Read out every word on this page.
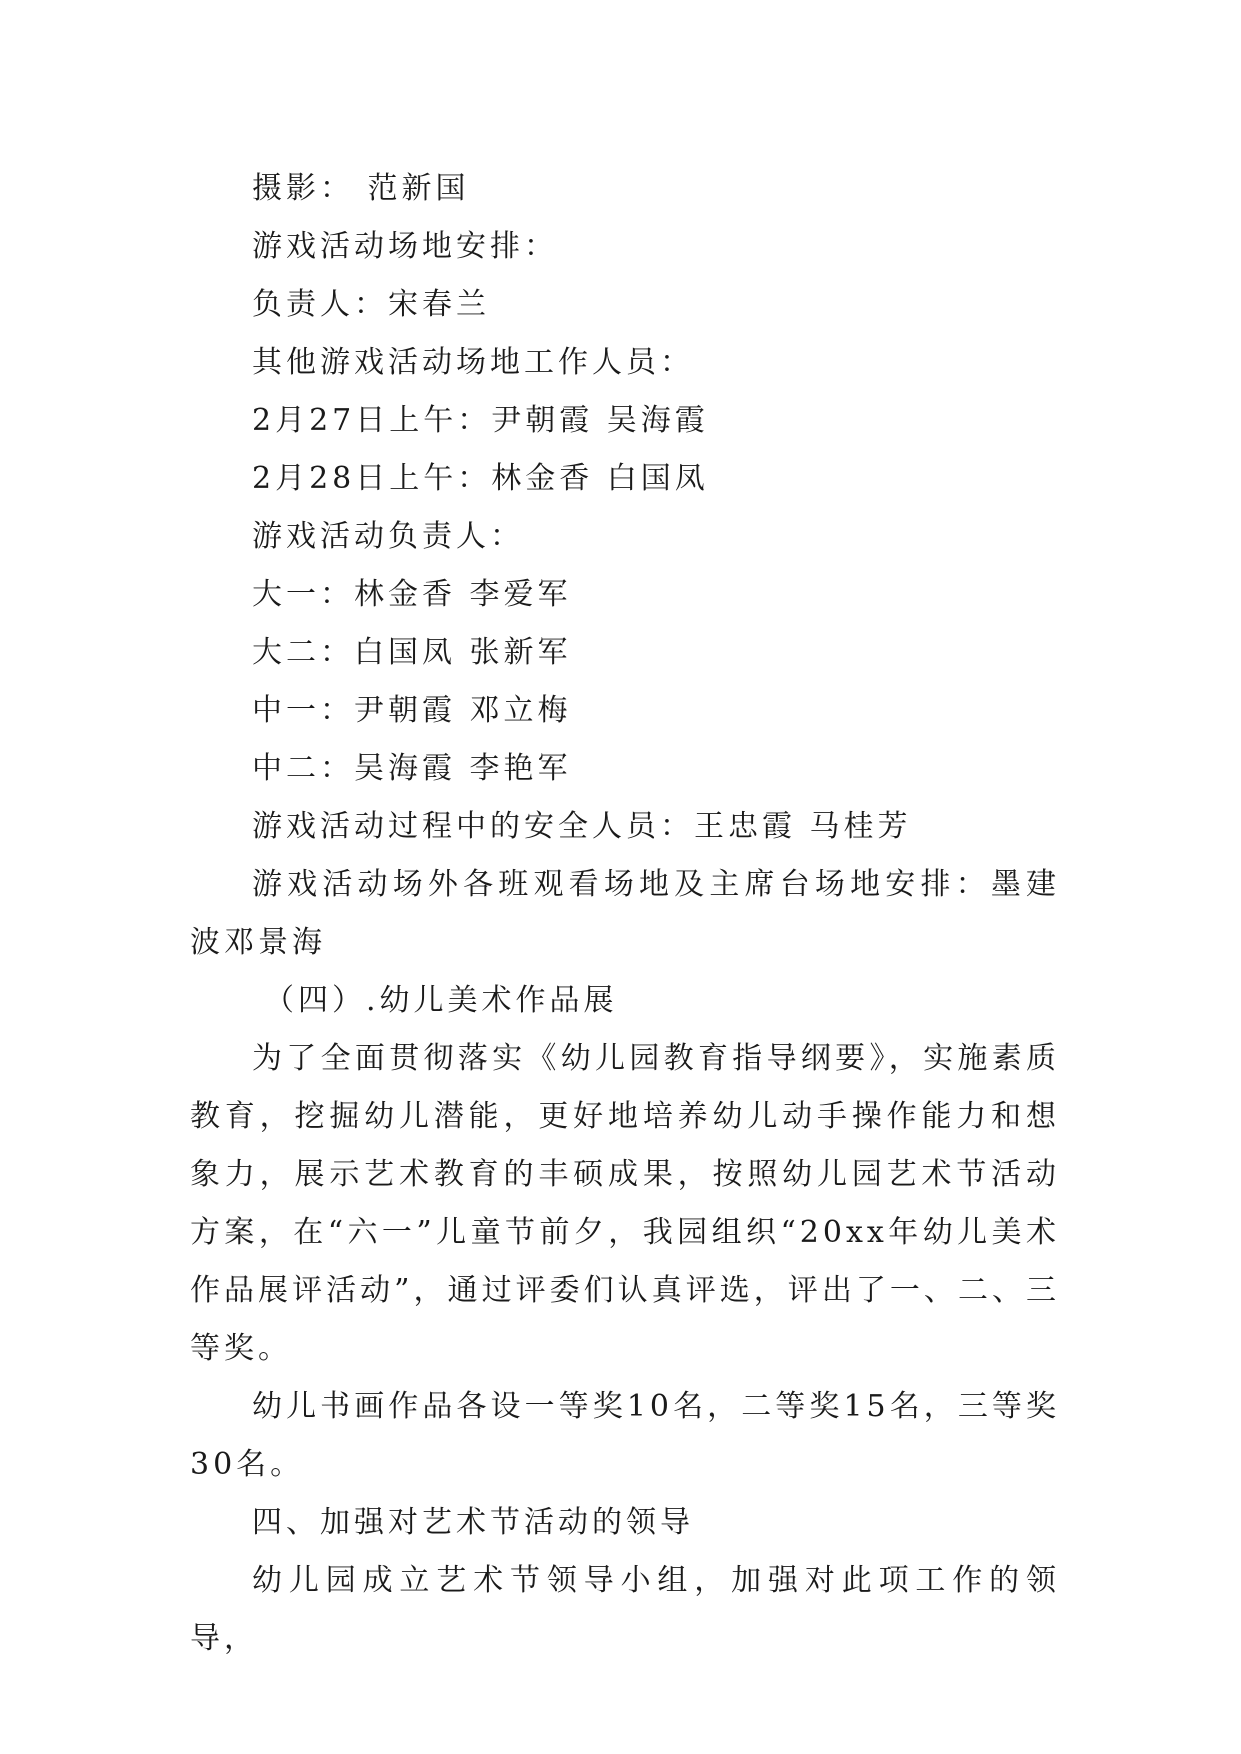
摄影： 范新国
游戏活动场地安排：
负责人：宋春兰
其他游戏活动场地工作人员：
2月27日上午：尹朝霞 吴海霞
2月28日上午：林金香 白国凤
游戏活动负责人：
大一：林金香 李爱军
大二：白国凤 张新军
中一：尹朝霞 邓立梅
中二：吴海霞 李艳军
游戏活动过程中的安全人员：王忠霞 马桂芳
游戏活动场外各班观看场地及主席台场地安排：墨建波邓景海
（四）.幼儿美术作品展
为了全面贯彻落实《幼儿园教育指导纲要》，实施素质教育，挖掘幼儿潜能，更好地培养幼儿动手操作能力和想象力，展示艺术教育的丰硕成果，按照幼儿园艺术节活动方案，在“六一”儿童节前夕，我园组织“20xx年幼儿美术作品展评活动”，通过评委们认真评选，评出了一、二、三等奖。
幼儿书画作品各设一等奖10名，二等奖15名，三等奖30名。
四、加强对艺术节活动的领导
幼儿园成立艺术节领导小组，加强对此项工作的领导，
